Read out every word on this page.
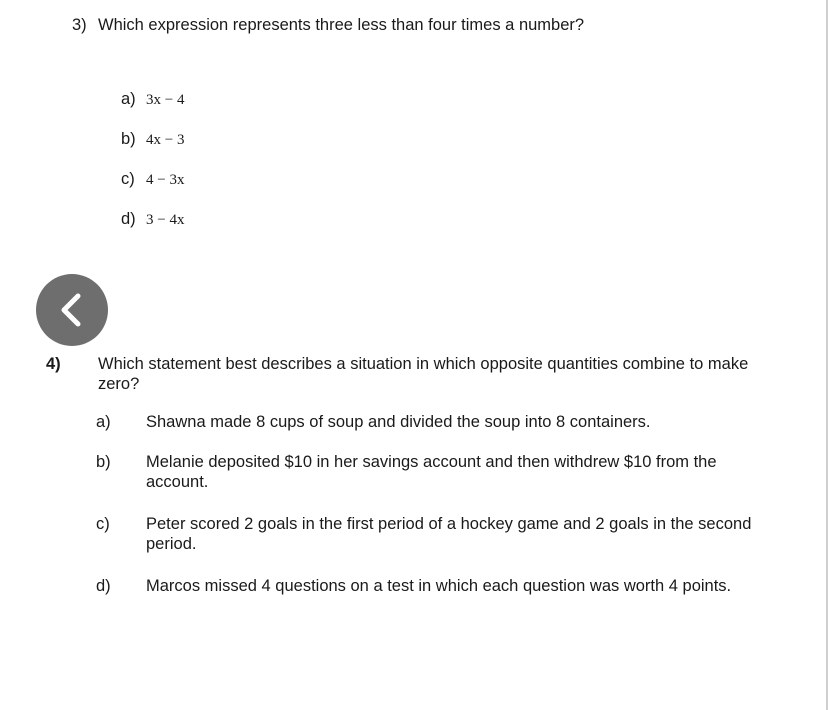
3) Which expression represents three less than four times a number?
a) 3x − 4
b) 4x − 3
c) 4 − 3x
d) 3 − 4x
4) Which statement best describes a situation in which opposite quantities combine to make zero?
a) Shawna made 8 cups of soup and divided the soup into 8 containers.
b) Melanie deposited $10 in her savings account and then withdrew $10 from the account.
c) Peter scored 2 goals in the first period of a hockey game and 2 goals in the second period.
d) Marcos missed 4 questions on a test in which each question was worth 4 points.
